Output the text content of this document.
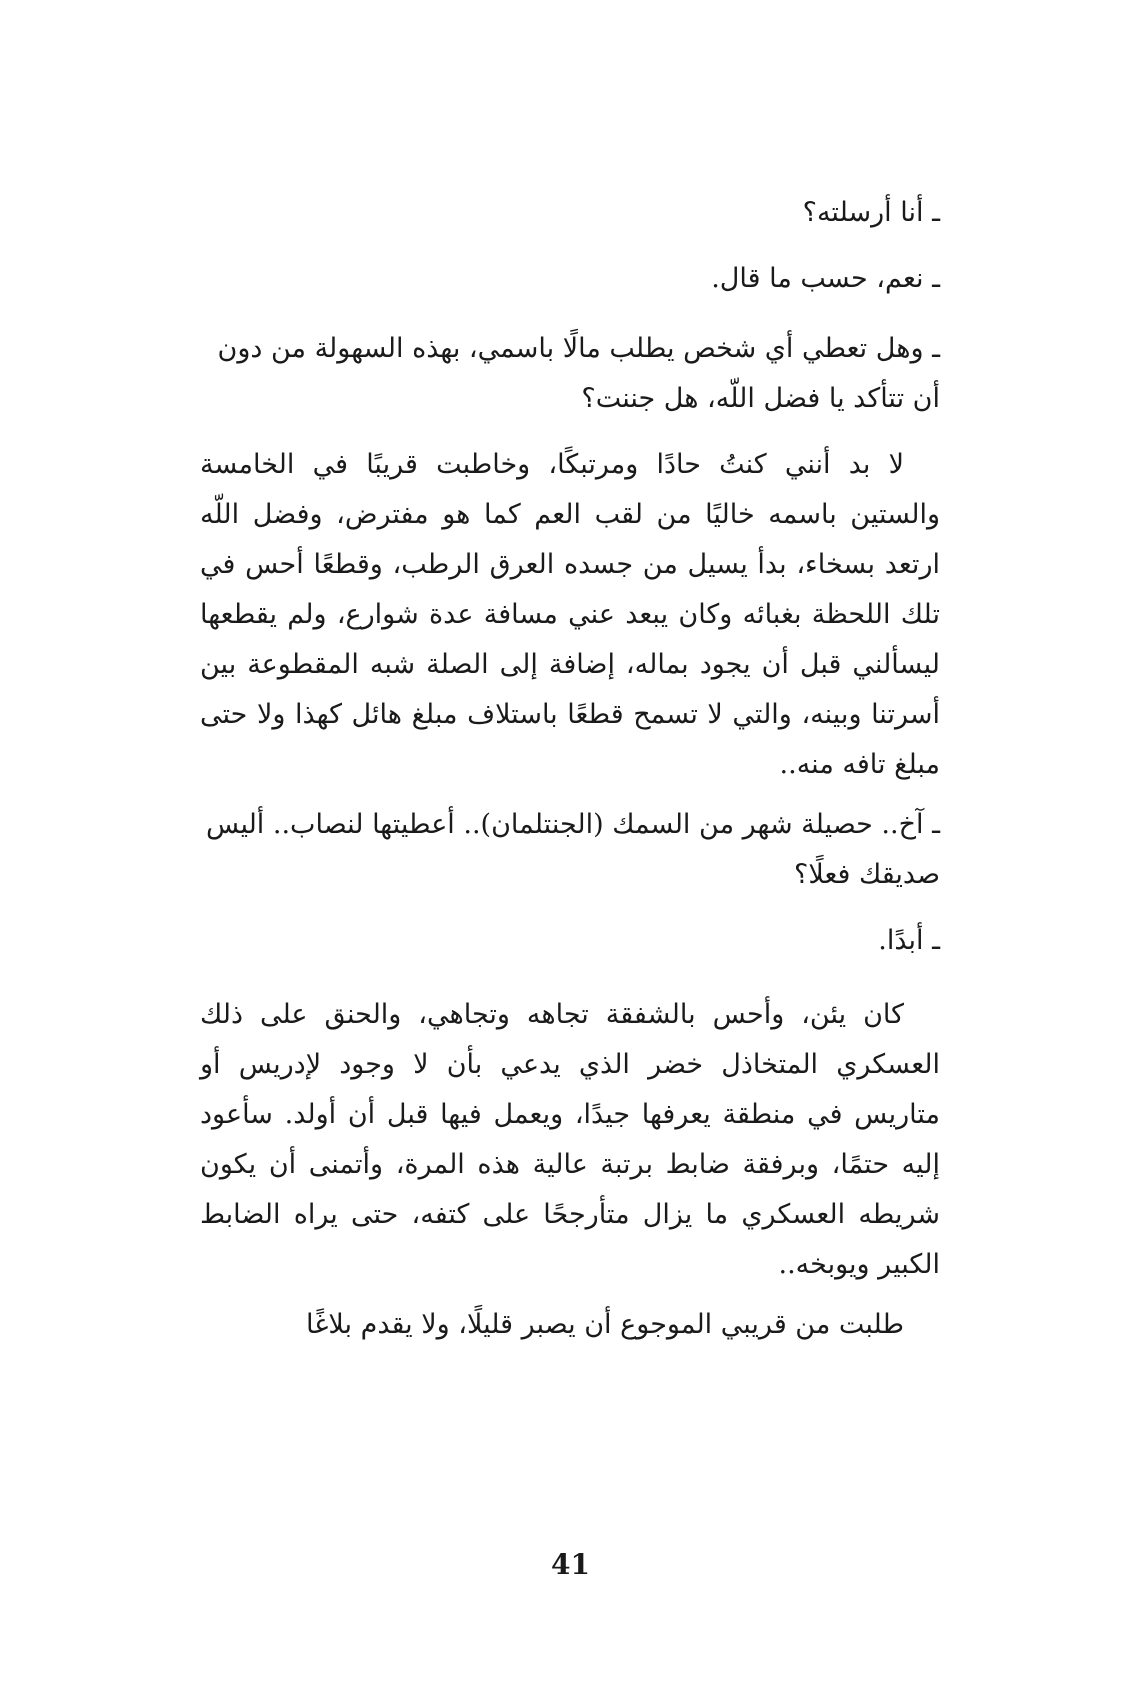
ـ أنا أرسلته؟

ـ نعم، حسب ما قال.

ـ وهل تعطي أي شخص يطلب مالًا باسمي، بهذه السهولة من دون أن تتأكد يا فضل اللّه، هل جننت؟

لا بد أنني كنتُ حادًا ومرتبكًا، وخاطبت قريبًا في الخامسة والستين باسمه خاليًا من لقب العم كما هو مفترض، وفضل اللّه ارتعد بسخاء، بدأ يسيل من جسده العرق الرطب، وقطعًا أحس في تلك اللحظة بغبائه وكان يبعد عني مسافة عدة شوارع، ولم يقطعها ليسألني قبل أن يجود بماله، إضافة إلى الصلة شبه المقطوعة بين أسرتنا وبينه، والتي لا تسمح قطعًا باستلاف مبلغ هائل كهذا ولا حتى مبلغ تافه منه..

ـ آخ.. حصيلة شهر من السمك (الجنتلمان).. أعطيتها لنصاب.. أليس صديقك فعلًا؟

ـ أبدًا.

كان يئن، وأحس بالشفقة تجاهه وتجاهي، والحنق على ذلك العسكري المتخاذل خضر الذي يدعي بأن لا وجود لإدريس أو متاريس في منطقة يعرفها جيدًا، ويعمل فيها قبل أن أولد. سأعود إليه حتمًا، وبرفقة ضابط برتبة عالية هذه المرة، وأتمنى أن يكون شريطه العسكري ما يزال متأرجحًا على كتفه، حتى يراه الضابط الكبير ويوبخه..

طلبت من قريبي الموجوع أن يصبر قليلًا، ولا يقدم بلاغًا

41
